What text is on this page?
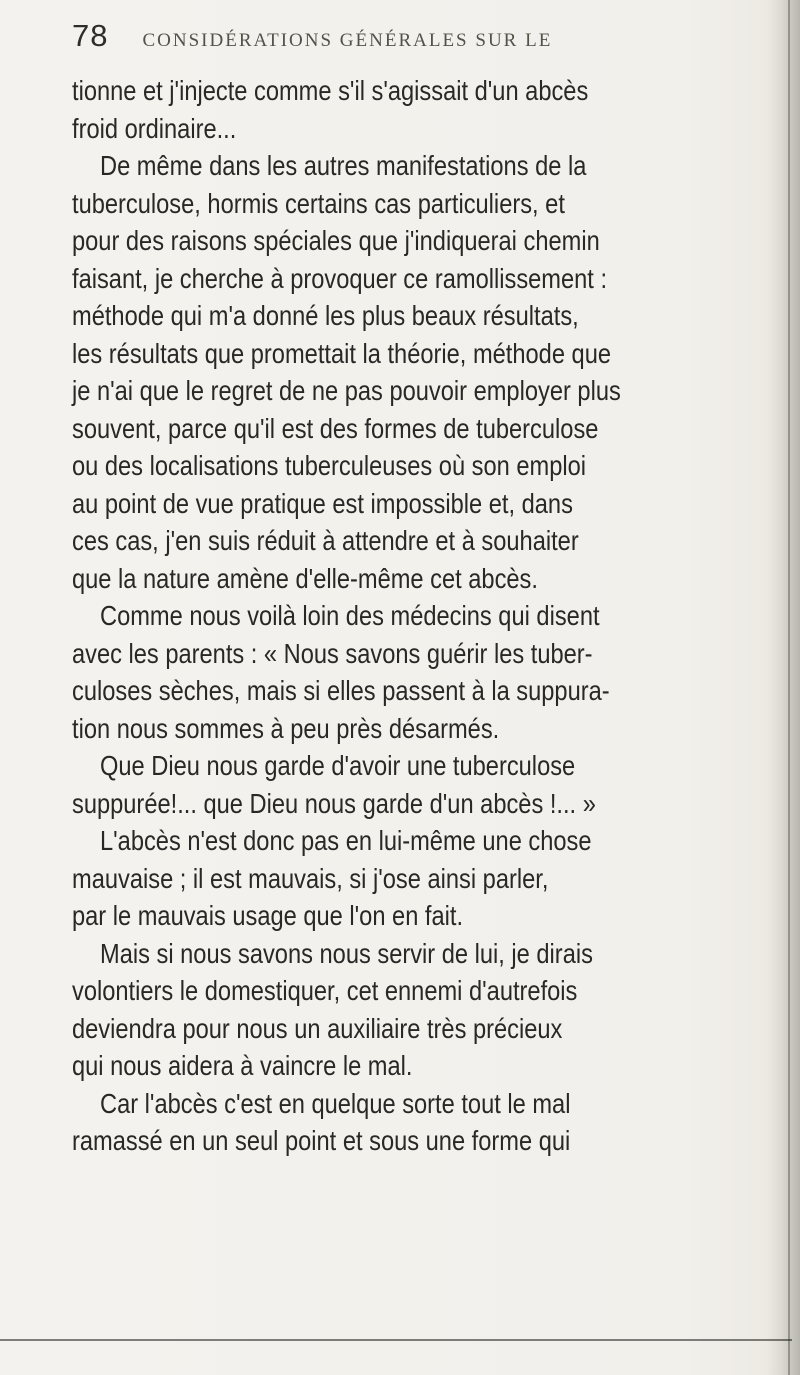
78 CONSIDÉRATIONS GÉNÉRALES SUR LE
tionne et j'injecte comme s'il s'agissait d'un abcès
froid ordinaire...
De même dans les autres manifestations de la
tuberculose, hormis certains cas particuliers, et
pour des raisons spéciales que j'indiquerai chemin
faisant, je cherche à provoquer ce ramollissement :
méthode qui m'a donné les plus beaux résultats,
les résultats que promettait la théorie, méthode que
je n'ai que le regret de ne pas pouvoir employer plus
souvent, parce qu'il est des formes de tuberculose
ou des localisations tuberculeuses où son emploi
au point de vue pratique est impossible et, dans
ces cas, j'en suis réduit à attendre et à souhaiter
que la nature amène d'elle-même cet abcès.
Comme nous voilà loin des médecins qui disent
avec les parents : « Nous savons guérir les tuber-
culoses sèches, mais si elles passent à la suppura-
tion nous sommes à peu près désarmés.
Que Dieu nous garde d'avoir une tuberculose
suppurée!... que Dieu nous garde d'un abcès !... »
L'abcès n'est donc pas en lui-même une chose
mauvaise ; il est mauvais, si j'ose ainsi parler,
par le mauvais usage que l'on en fait.
Mais si nous savons nous servir de lui, je dirais
volontiers le domestiquer, cet ennemi d'autrefois
deviendra pour nous un auxiliaire très précieux
qui nous aidera à vaincre le mal.
Car l'abcès c'est en quelque sorte tout le mal
ramassé en un seul point et sous une forme qui
